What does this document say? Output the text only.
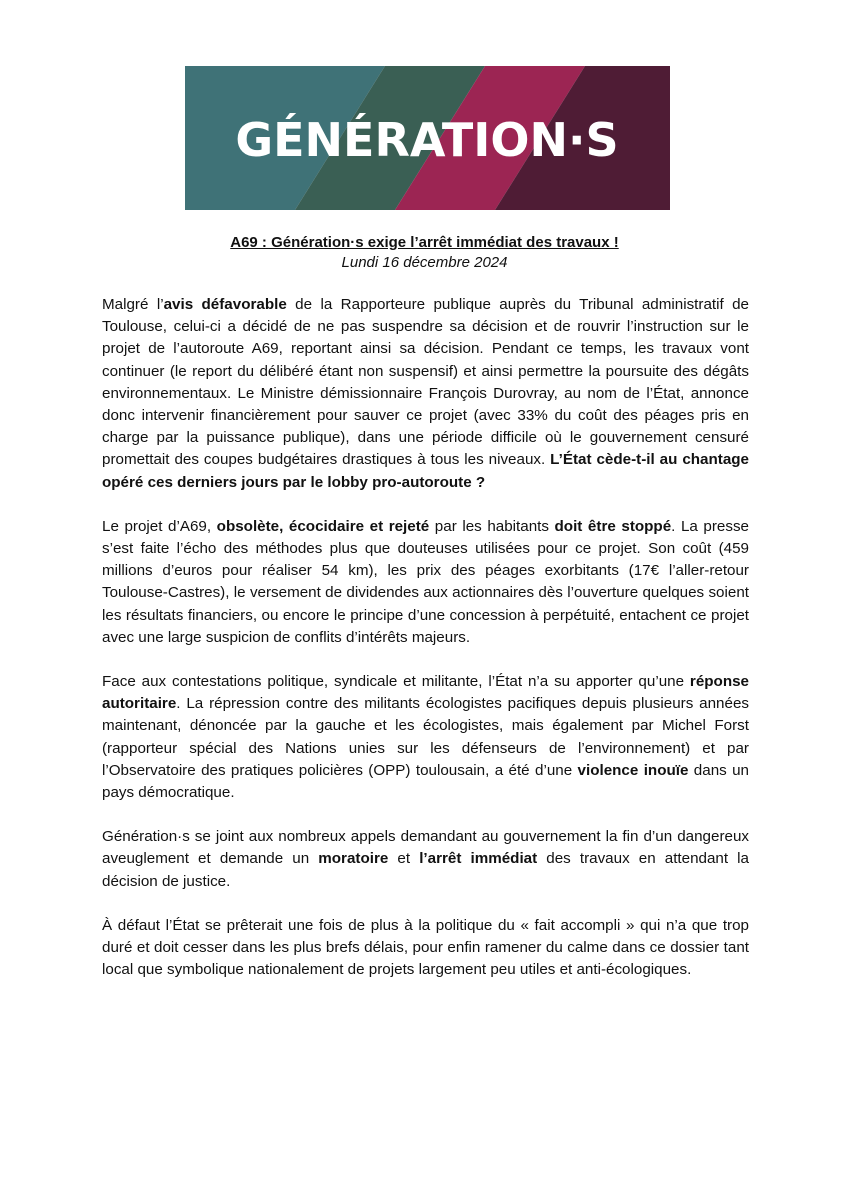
GÉNÉRATION·S
A69 : Génération·s exige l’arrêt immédiat des travaux !
Lundi 16 décembre 2024

Malgré l’avis défavorable de la Rapporteure publique auprès du Tribunal administratif de Toulouse, celui-ci a décidé de ne pas suspendre sa décision et de rouvrir l’instruction sur le projet de l’autoroute A69, reportant ainsi sa décision. Pendant ce temps, les travaux vont continuer (le report du délibéré étant non suspensif) et ainsi permettre la poursuite des dégâts environnementaux. Le Ministre démissionnaire François Durovray, au nom de l’État, annonce donc intervenir financièrement pour sauver ce projet (avec 33% du coût des péages pris en charge par la puissance publique), dans une période difficile où le gouvernement censuré promettait des coupes budgétaires drastiques à tous les niveaux. L’État cède-t-il au chantage opéré ces derniers jours par le lobby pro-autoroute ?

Le projet d’A69, obsolète, écocidaire et rejeté par les habitants doit être stoppé. La presse s’est faite l’écho des méthodes plus que douteuses utilisées pour ce projet. Son coût (459 millions d’euros pour réaliser 54 km), les prix des péages exorbitants (17€ l’aller-retour Toulouse-Castres), le versement de dividendes aux actionnaires dès l’ouverture quelques soient les résultats financiers, ou encore le principe d’une concession à perpétuité, entachent ce projet avec une large suspicion de conflits d’intérêts majeurs.

Face aux contestations politique, syndicale et militante, l’État n’a su apporter qu’une réponse autoritaire. La répression contre des militants écologistes pacifiques depuis plusieurs années maintenant, dénoncée par la gauche et les écologistes, mais également par Michel Forst (rapporteur spécial des Nations unies sur les défenseurs de l’environnement) et par l’Observatoire des pratiques policières (OPP) toulousain, a été d’une violence inouïe dans un pays démocratique.

Génération·s se joint aux nombreux appels demandant au gouvernement la fin d’un dangereux aveuglement et demande un moratoire et l’arrêt immédiat des travaux en attendant la décision de justice.

À défaut l’État se prêterait une fois de plus à la politique du « fait accompli » qui n’a que trop duré et doit cesser dans les plus brefs délais, pour enfin ramener du calme dans ce dossier tant local que symbolique nationalement de projets largement peu utiles et anti-écologiques.
